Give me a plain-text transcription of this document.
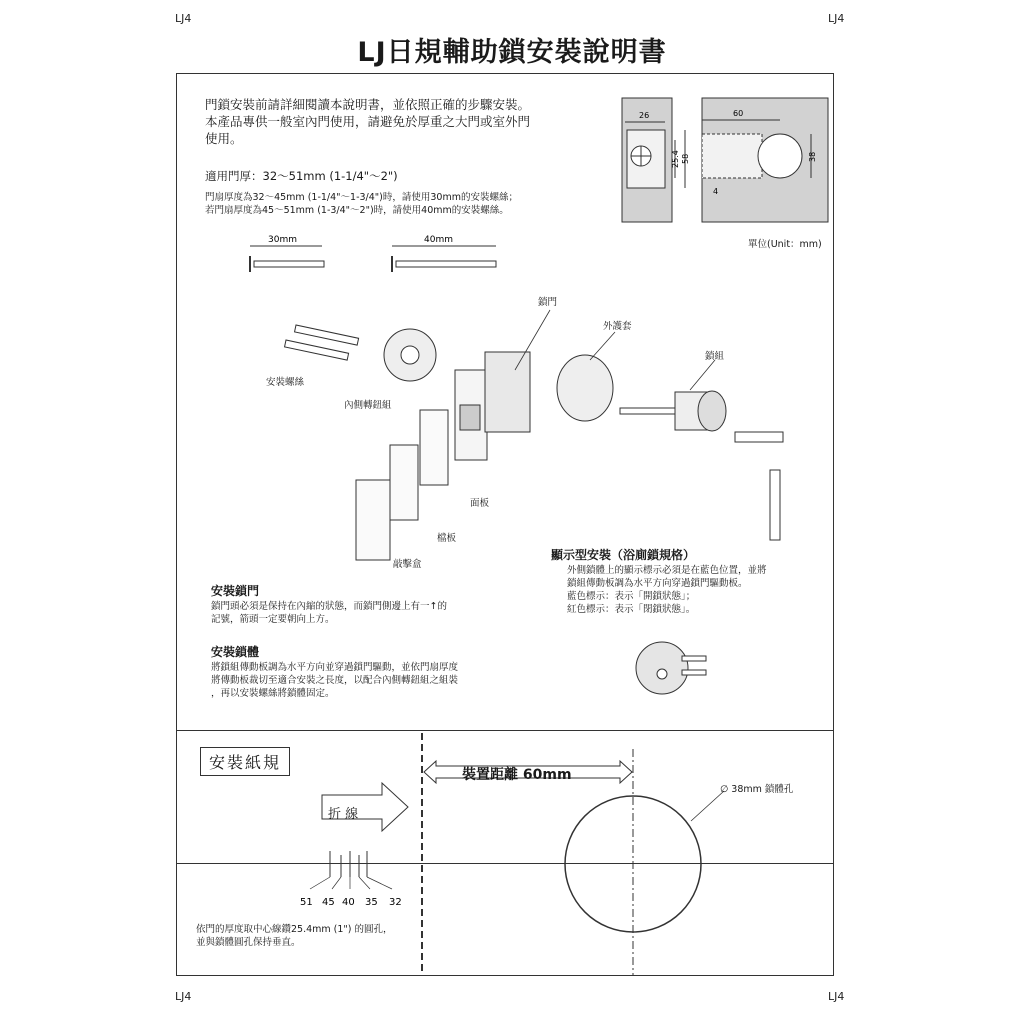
LJ4	LJ4
LJ4	LJ4
LJ日規輔助鎖安裝說明書
門鎖安裝前請詳細閱讀本說明書，並依照正確的步驟安裝。
本產品專供一般室內門使用，請避免於厚重之大門或室外門
使用。
適用門厚：32～51mm (1-1/4"～2")
門扇厚度為32～45mm (1-1/4"～1-3/4")時，請使用30mm的安裝螺絲；
若門扇厚度為45～51mm (1-3/4"～2")時，請使用40mm的安裝螺絲。
26
25.4 58
60
38
4
單位(Unit：mm)
30mm	40mm
鎖門
外護套
鎖組
安裝螺絲
內側轉鈕組
面板
檔板
敲擊盒
顯示型安裝（浴廁鎖規格）
外側鎖體上的顯示標示必須是在藍色位置，並將
鎖組傳動板調為水平方向穿過鎖門驅動板。
藍色標示：表示「開鎖狀態」；
紅色標示：表示「閉鎖狀態」。
安裝鎖門
鎖門頭必須是保持在內縮的狀態，而鎖門側邊上有一↑的
記號，箭頭一定要朝向上方。
安裝鎖體
將鎖組傳動板調為水平方向並穿過鎖門驅動，並依門扇厚度
將傳動板裁切至適合安裝之長度，以配合內側轉鈕組之組裝
，再以安裝螺絲將鎖體固定。
安裝紙規
51 45 40 35 32
裝置距離 60mm
折 線
∅ 38mm 鎖體孔
依門的厚度取中心線鑽25.4mm (1") 的圓孔，
並與鎖體圓孔保持垂直。
